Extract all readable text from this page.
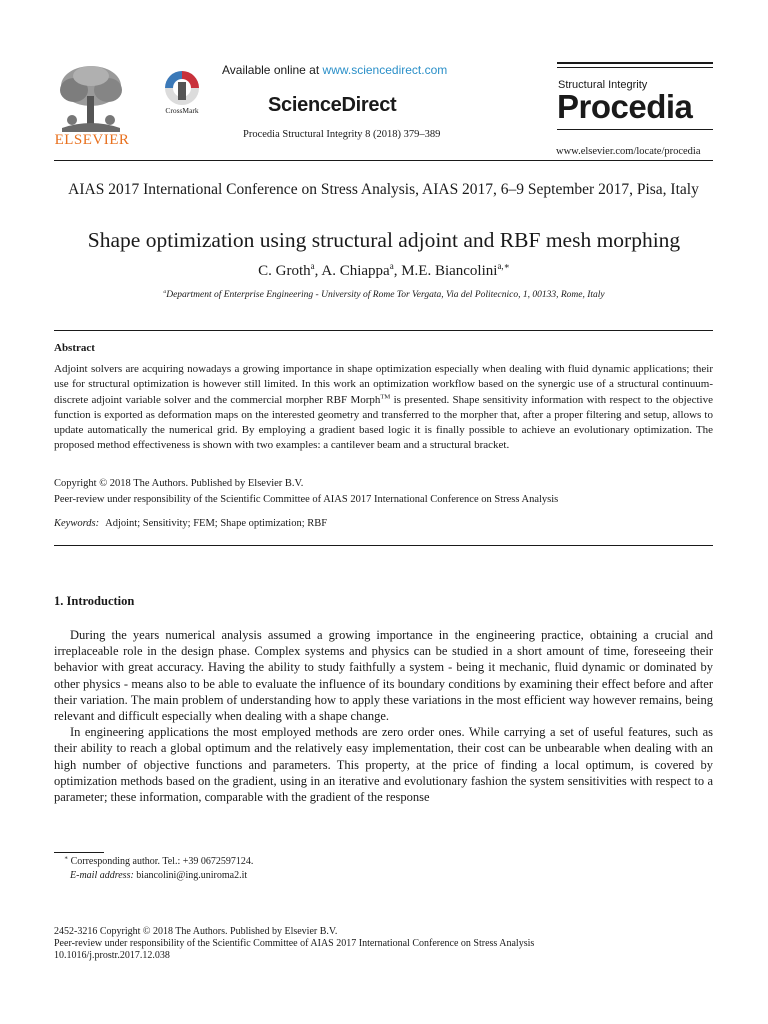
ELSEVIER
CrossMark
Available online at www.sciencedirect.com
ScienceDirect
Procedia Structural Integrity 8 (2018) 379–389
Structural Integrity
Procedia
www.elsevier.com/locate/procedia
AIAS 2017 International Conference on Stress Analysis, AIAS 2017, 6–9 September 2017, Pisa, Italy
Shape optimization using structural adjoint and RBF mesh morphing
C. Groth$^a$, A. Chiappa$^a$, M.E. Biancolini$^{a,∗}$
$^a$Department of Enterprise Engineering - University of Rome Tor Vergata, Via del Politecnico, 1, 00133, Rome, Italy
Abstract
Adjoint solvers are acquiring nowadays a growing importance in shape optimization especially when dealing with fluid dynamic applications; their use for structural optimization is however still limited. In this work an optimization workflow based on the synergic use of a structural continuum-discrete adjoint variable solver and the commercial morpher RBF Morph™ is presented. Shape sensitivity information with respect to the objective function is exported as deformation maps on the interested geometry and transferred to the morpher that, after a proper filtering and setup, allows to update automatically the numerical grid. By employing a gradient based logic it is finally possible to achieve an evolutionary optimization. The proposed method effectiveness is shown with two examples: a cantilever beam and a structural bracket.
Copyright © 2018 The Authors. Published by Elsevier B.V.
Peer-review under responsibility of the Scientific Committee of AIAS 2017 International Conference on Stress Analysis
Keywords: Adjoint; Sensitivity; FEM; Shape optimization; RBF
1. Introduction

During the years numerical analysis assumed a growing importance in the engineering practice, obtaining a crucial and irreplaceable role in the design phase. Complex systems and physics can be studied in a short amount of time, foreseeing their behavior with great accuracy. Having the ability to study faithfully a system - being it mechanic, fluid dynamic or dominated by other physics - means also to be able to evaluate the influence of its boundary conditions by examining their effect before and after their variation. The main problem of understanding how to apply these variations in the most efficient way however remains, being relevant and difficult especially when dealing with a shape change.

In engineering applications the most employed methods are zero order ones. While carrying a set of useful features, such as their ability to reach a global optimum and the relatively easy implementation, their cost can be unbearable when dealing with an high number of objective functions and parameters. This property, at the price of finding a local optimum, is covered by optimization methods based on the gradient, using in an iterative and evolutionary fashion the system sensitivities with respect to a parameter; these information, comparable with the gradient of the response

∗ Corresponding author. Tel.: +39 0672597124.
E-mail address: biancolini@ing.uniroma2.it
2452-3216 Copyright © 2018 The Authors. Published by Elsevier B.V.
Peer-review under responsibility of the Scientific Committee of AIAS 2017 International Conference on Stress Analysis
10.1016/j.prostr.2017.12.038
